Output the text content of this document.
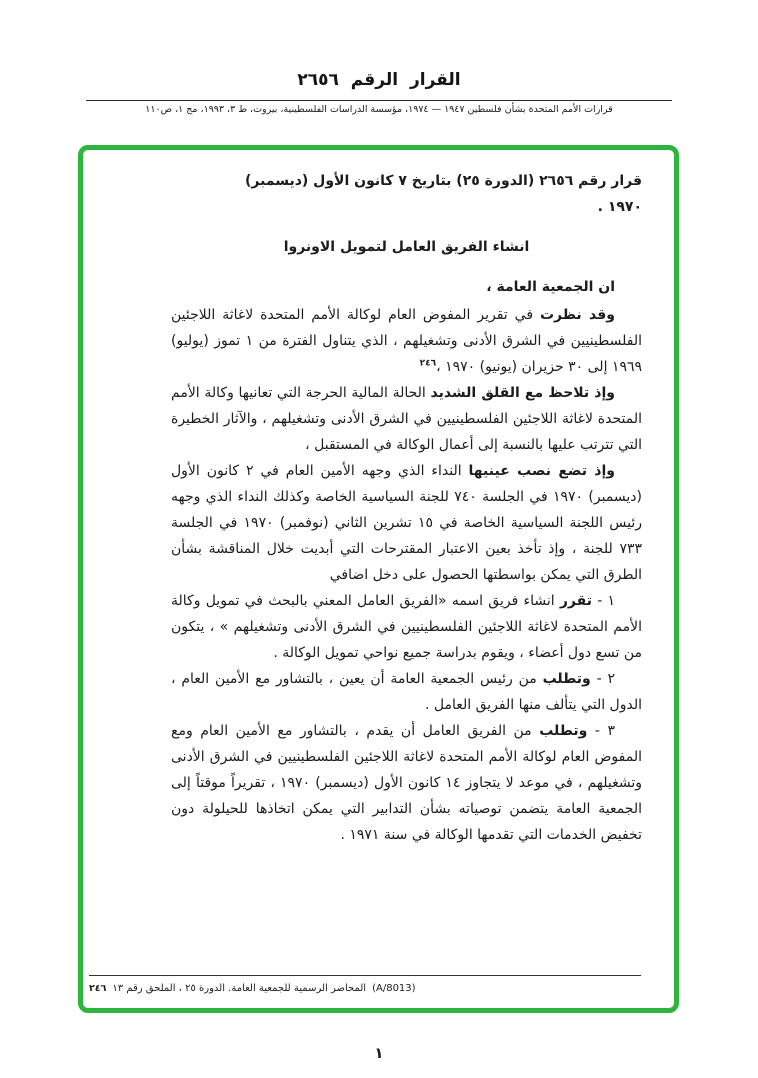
القرار الرقم ٢٦٥٦
قرارات الأمم المتحدة بشأن فلسطين ١٩٤٧ — ١٩٧٤، مؤسسة الدراسات الفلسطينية، بيروت، ط ٣، ١٩٩٣، مج ١، ص١١٠

قرار رقم ٢٦٥٦ (الدورة ٢٥) بتاريخ ٧ كانون الأول (ديسمبر)
١٩٧٠ .

انشاء الفريق العامل لتمويل الاونروا

ان الجمعية العامة ،

وقد نظرت في تقرير المفوض العام لوكالة الأمم المتحدة لاغاثة اللاجئين الفلسطينيين في الشرق الأدنى وتشغيلهم ، الذي يتناول الفترة من ١ تموز (يوليو) ١٩٦٩ إلى ٣٠ حزيران (يونيو) ١٩٧٠ ،$^{٢٤٦}$

وإذ تلاحظ مع القلق الشديد الحالة المالية الحرجة التي تعانيها وكالة الأمم المتحدة لاغاثة اللاجئين الفلسطينيين في الشرق الأدنى وتشغيلهم ، والآثار الخطيرة التي تترتب عليها بالنسبة إلى أعمال الوكالة في المستقبل ،

وإذ تضع نصب عينيها النداء الذي وجهه الأمين العام في ٢ كانون الأول (ديسمبر) ١٩٧٠ في الجلسة ٧٤٠ للجنة السياسية الخاصة وكذلك النداء الذي وجهه رئيس اللجنة السياسية الخاصة في ١٥ تشرين الثاني (نوفمبر) ١٩٧٠ في الجلسة ٧٣٣ للجنة ، وإذ تأخذ بعين الاعتبار المقترحات التي أبديت خلال المناقشة بشأن الطرق التي يمكن بواسطتها الحصول على دخل اضافي

١ - تقرر انشاء فريق اسمه «الفريق العامل المعني بالبحث في تمويل وكالة الأمم المتحدة لاغاثة اللاجئين الفلسطينيين في الشرق الأدنى وتشغيلهم » ، يتكون من تسع دول أعضاء ، ويقوم بدراسة جميع نواحي تمويل الوكالة .

٢ - وتطلب من رئيس الجمعية العامة أن يعين ، بالتشاور مع الأمين العام ، الدول التي يتألف منها الفريق العامل .

٣ - وتطلب من الفريق العامل أن يقدم ، بالتشاور مع الأمين العام ومع المفوض العام لوكالة الأمم المتحدة لاغاثة اللاجئين الفلسطينيين في الشرق الأدنى وتشغيلهم ، في موعد لا يتجاوز ١٤ كانون الأول (ديسمبر) ١٩٧٠ ، تقريراً موقتاً إلى الجمعية العامة يتضمن توصياته بشأن التدابير التي يمكن اتخاذها للحيلولة دون تخفيض الخدمات التي تقدمها الوكالة في سنة ١٩٧١ .

٢٤٦ المحاضر الرسمية للجمعية العامة. الدورة ٢٥ ، الملحق رقم ١٣ (A/8013)
١
